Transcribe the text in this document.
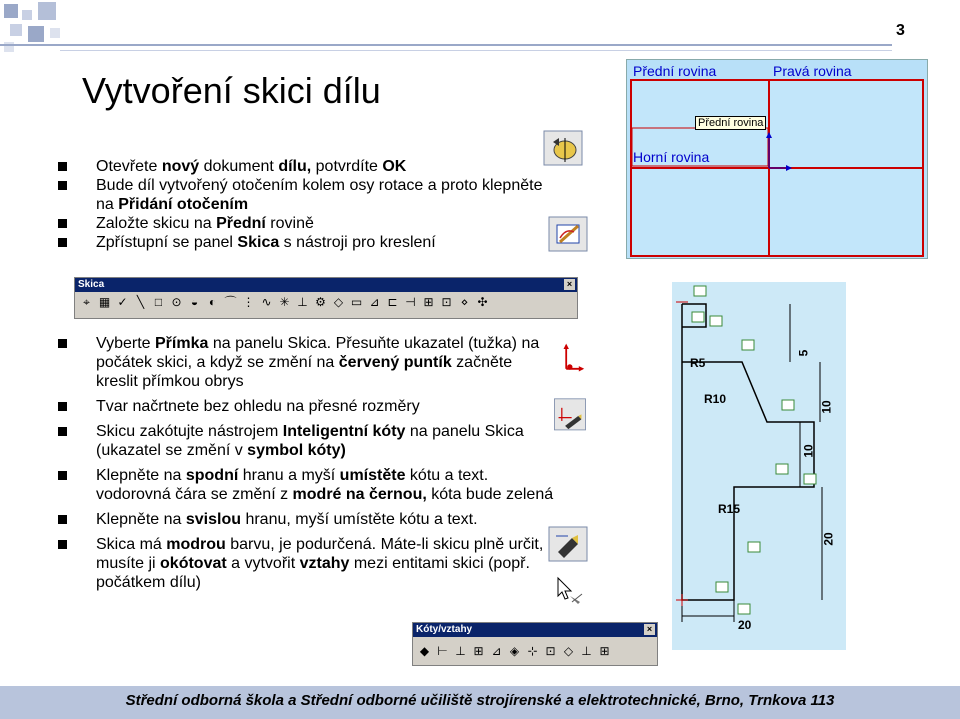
3
Vytvoření skici dílu
Otevřete nový dokument dílu, potvrdíte OK
Bude díl vytvořený otočením kolem osy rotace a proto klepněte na Přidání otočením
Založte skicu na Přední rovině
Zpřístupní se panel Skica s nástroji pro kreslení
Přední rovina	Pravá rovina
Horní rovina
Přední rovina
Skica	×
⌖ ▦ ✓ ╲ □ ⊙ ◒ ◐ ⌒ ⋮ ∿ ✳ ⊥ ⚙ ◇ ▭ ⊿ ⊏ ⊣ ⊞ ⊡ ⋄ ✣
Vyberte Přímka na panelu Skica. Přesuňte ukazatel (tužka) na počátek skici, a když se změní na červený puntík začněte kreslit přímkou obrys
Tvar načrtnete bez ohledu na přesné rozměry
Skicu zakótujte nástrojem Inteligentní kóty na panelu Skica (ukazatel se změní v symbol kóty)
Klepněte na spodní hranu a myší umístěte kótu a text. vodorovná čára se změní z modré na černou, kóta bude zelená
Klepněte na svislou hranu, myší umístěte kótu a text.
Skica má modrou barvu, je podurčená. Máte-li skicu plně určit, musíte ji okótovat a vytvořit vztahy mezi entitami skici (popř. počátkem dílu)
R5
R10
R15
5
10
10
20
20
Kóty/vztahy	×
◆ ⊢ ⊥ ⊞ ⊿ ◈ ⊹ ⊡ ◇ ⊥ ⊞
Střední odborná škola a Střední odborné učiliště strojírenské a elektrotechnické, Brno, Trnkova 113
